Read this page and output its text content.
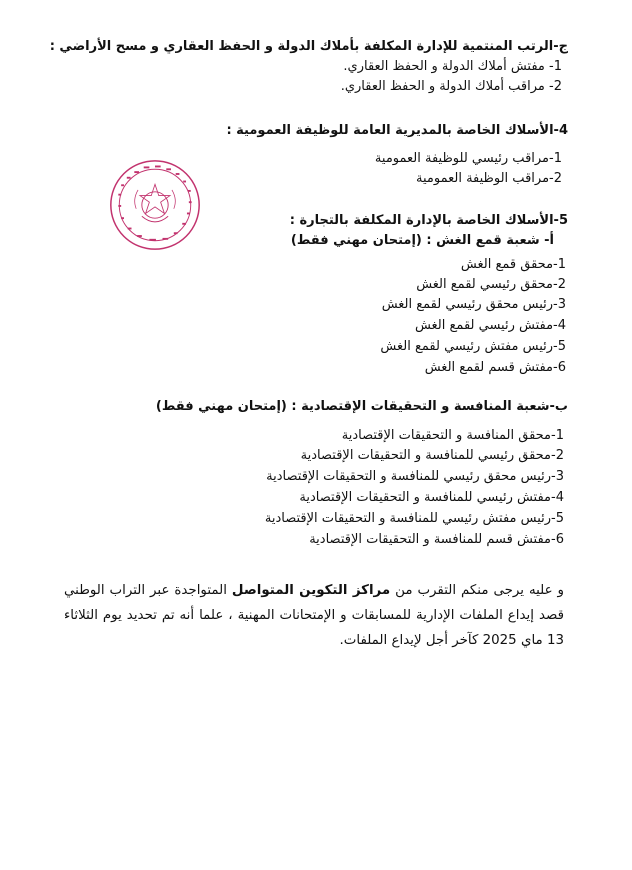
ج-الرتب المنتمية للإدارة المكلفة بأملاك الدولة و الحفظ العقاري و مسح الأراضي :
1- مفتش أملاك الدولة و الحفظ العقاري.
2- مراقب أملاك الدولة و الحفظ العقاري.
4-الأسلاك الخاصة بالمديرية العامة للوظيفة العمومية :
1-مراقب رئيسي للوظيفة العمومية
2-مراقب الوظيفة العمومية
5-الأسلاك الخاصة بالإدارة المكلفة بالتجارة :
أ- شعبة قمع الغش : (إمتحان مهني فقط)
1-محقق قمع الغش
2-محقق رئيسي لقمع الغش
3-رئيس محقق رئيسي لقمع الغش
4-مفتش رئيسي لقمع الغش
5-رئيس مفتش رئيسي لقمع الغش
6-مفتش قسم لقمع الغش
ب-شعبة المنافسة و التحقيقات الإقتصادية : (إمتحان مهني فقط)
1-محقق المنافسة و التحقيقات الإقتصادية
2-محقق رئيسي للمنافسة و التحقيقات الإقتصادية
3-رئيس محقق رئيسي للمنافسة و التحقيقات الإقتصادية
4-مفتش رئيسي للمنافسة و التحقيقات الإقتصادية
5-رئيس مفتش رئيسي للمنافسة و التحقيقات الإقتصادية
6-مفتش قسم للمنافسة و التحقيقات الإقتصادية
و عليه يرجى منكم التقرب من مراكز التكوين المتواصل المتواجدة عبر التراب الوطني قصد إيداع الملفات الإدارية للمسابقات و الإمتحانات المهنية ، علما أنه تم تحديد يوم الثلاثاء 13 ماي 2025 كآخر أجل لإيداع الملفات.
